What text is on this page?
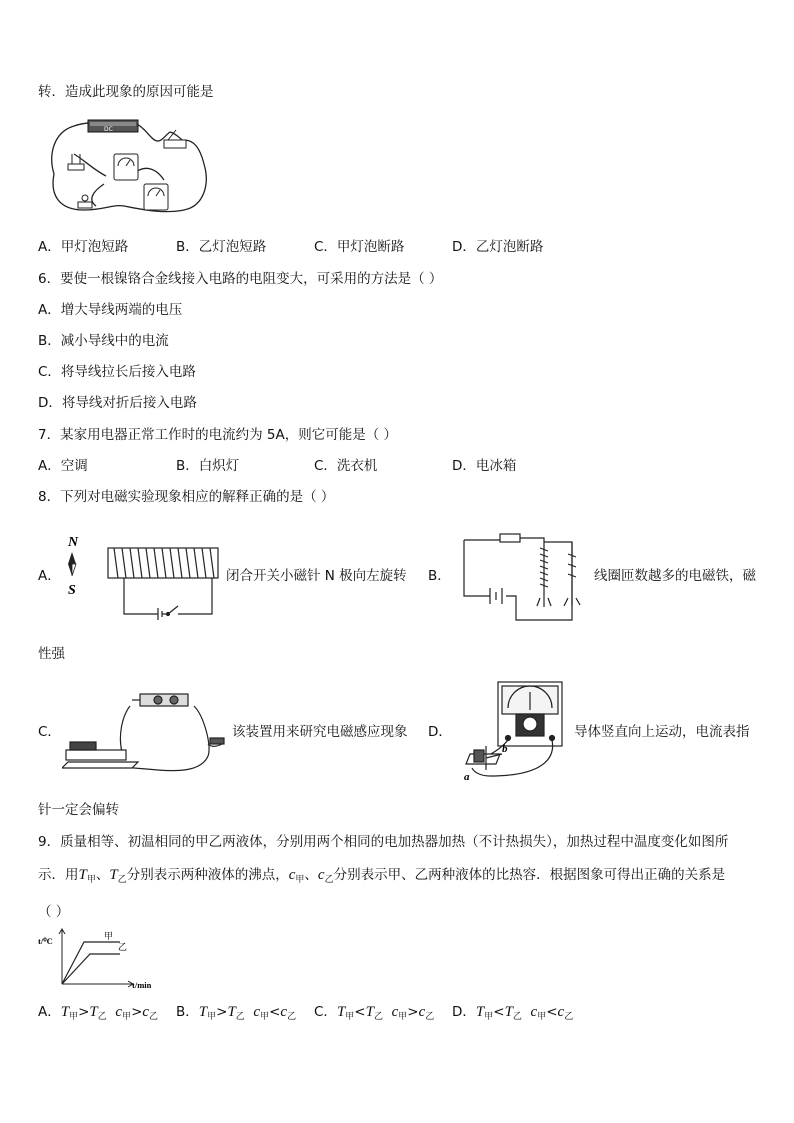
转．造成此现象的原因可能是
DC
A．甲灯泡短路	B．乙灯泡短路	C．甲灯泡断路	D．乙灯泡断路
6．要使一根镍铬合金线接入电路的电阻变大，可采用的方法是（ ）
A．增大导线两端的电压
B．减小导线中的电流
C．将导线拉长后接入电路
D．将导线对折后接入电路
7．某家用电器正常工作时的电流约为 5A，则它可能是（ ）
A．空调	B．白炽灯	C．洗衣机	D．电冰箱
8．下列对电磁实验现象相应的解释正确的是（ ）
A．
N
S
闭合开关小磁针 N 极向左旋转 B．	线圈匝数越多的电磁铁，磁
性强
C．	该装置用来研究电磁感应现象 D．
b
a
导体竖直向上运动，电流表指
针一定会偏转
9．质量相等、初温相同的甲乙两液体，分别用两个相同的电加热器加热（不计热损失），加热过程中温度变化如图所
示．用$T_甲$、$T_乙$分别表示两种液体的沸点，$c_甲$、$c_乙$分别表示甲、乙两种液体的比热容．根据图象可得出正确的关系是
（ ）
t/⁰C	甲
乙
t/min
A．$T_甲>T_乙$ $c_甲>c_乙$ B．$T_甲>T_乙$ $c_甲<c_乙$ C．$T_甲<T_乙$ $c_甲>c_乙$ D．$T_甲<T_乙$ $c_甲<c_乙$
